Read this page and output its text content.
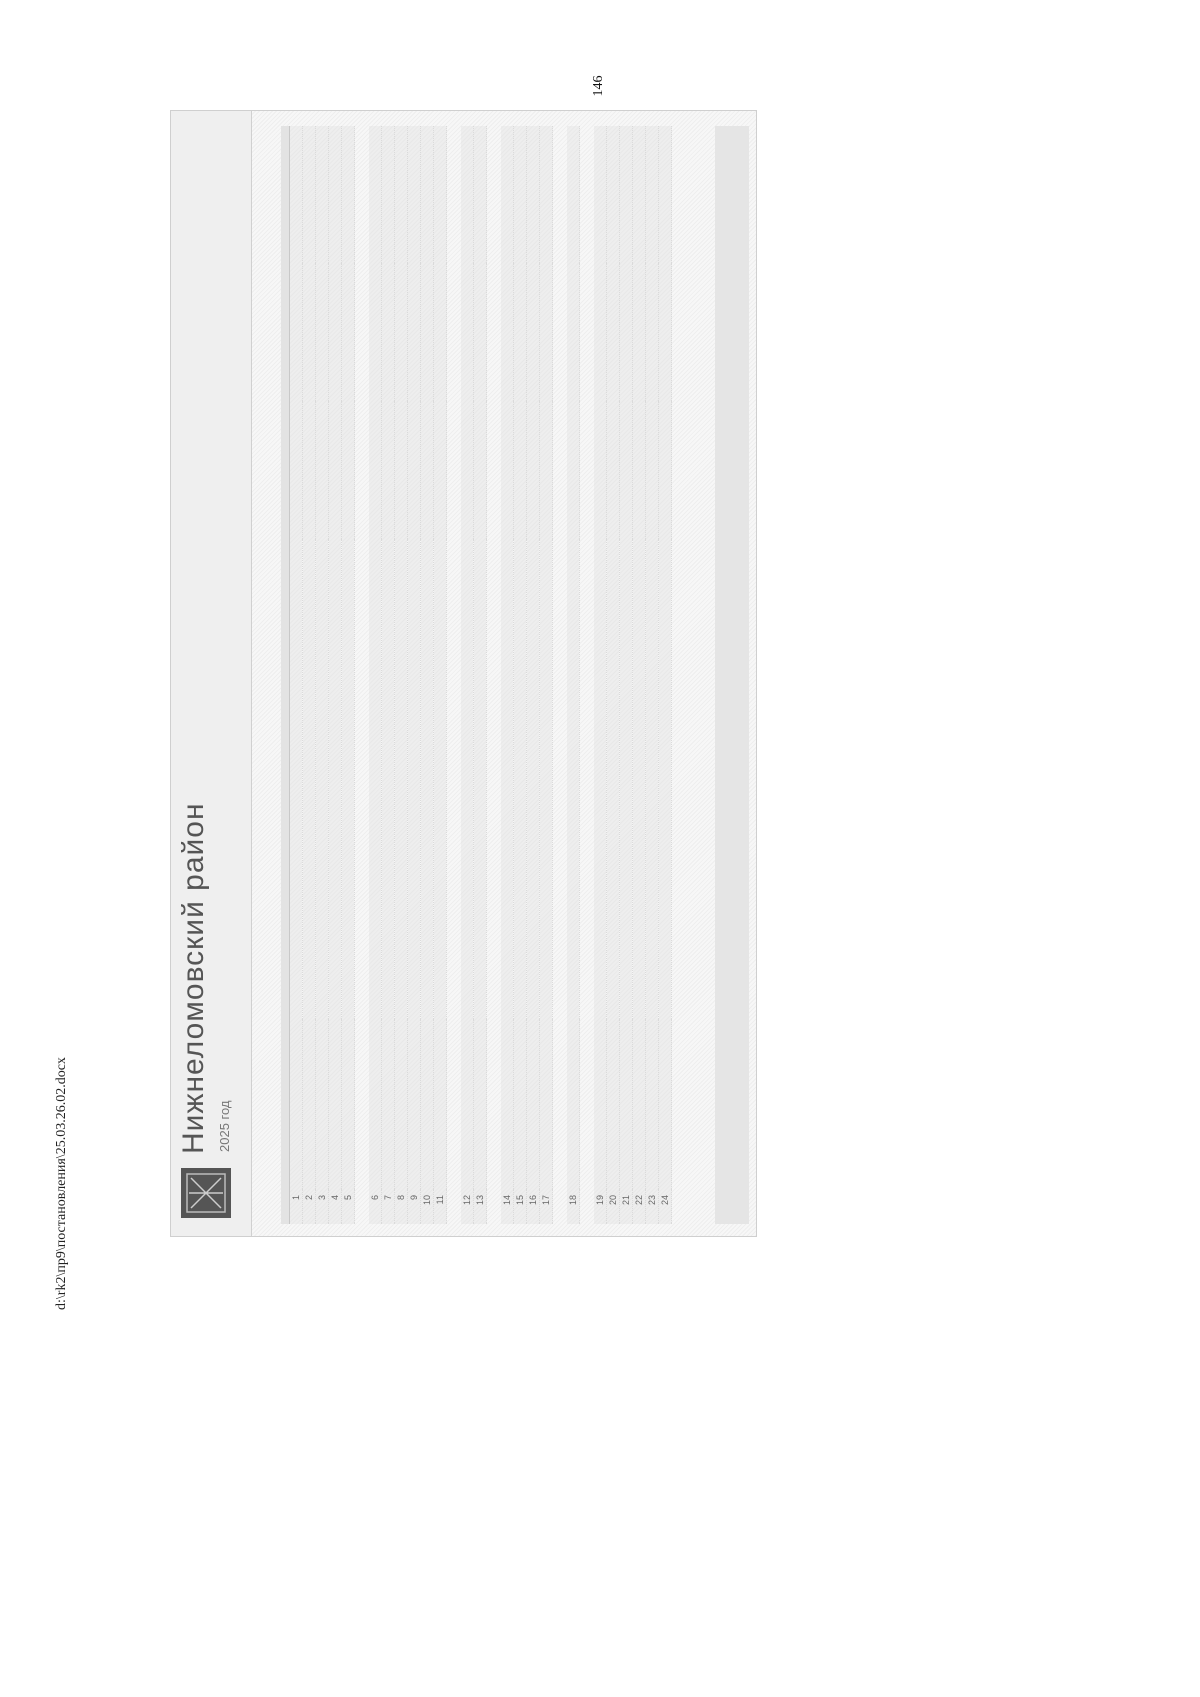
146
Нижнеломовский район 2025 год

1					
2					
3					
4					
5					

6					
7					
8					
9					
10					
11					

12					
13					

14					
15					
16					
17					

18					

19					
20					
21					
22					
23					
24					
d:\rk2\пр9\постановления\25.03.26.02.docx
